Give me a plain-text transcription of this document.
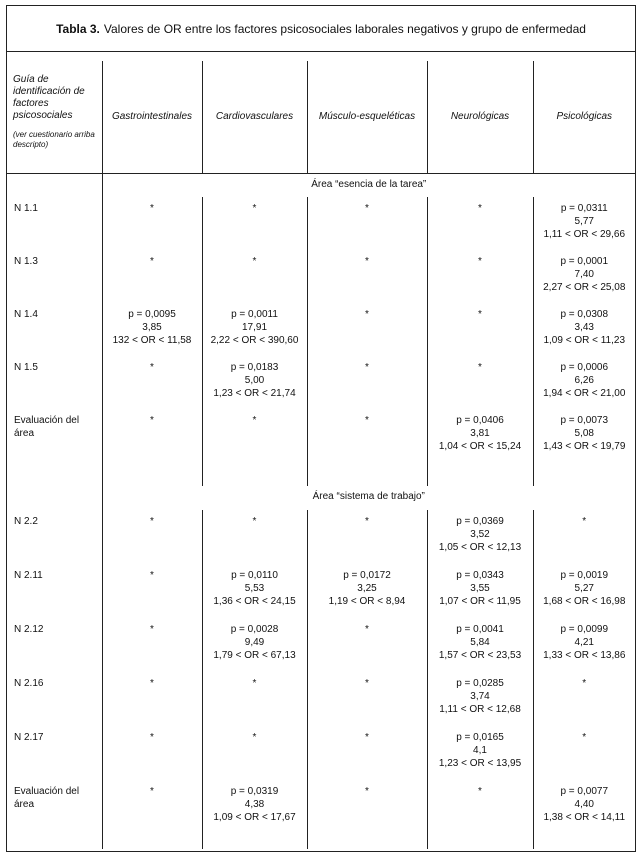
Tabla 3. Valores de OR entre los factores psicosociales laborales negativos y grupo de enfermedad
Guía de identificación de factores psicosociales
(ver cuestionario arriba descripto)	Gastrointestinales	Cardiovasculares	Músculo-esqueléticas	Neurológicas	Psicológicas
	Área “esencia de la tarea”				
N 1.1	*	*	*	*	p = 0,0311
5,77
1,11 < OR < 29,66

N 1.3	*	*	*	*	p = 0,0001
7,40
2,27 < OR < 25,08

N 1.4	p = 0,0095
3,85
132 < OR < 11,58	p = 0,0011
17,91
2,22 < OR < 390,60	*	*	p = 0,0308
3,43
1,09 < OR < 11,23

N 1.5	*	p = 0,0183
5,00
1,23 < OR < 21,74	*	*	p = 0,0006
6,26
1,94 < OR < 21,00

Evaluación del área	*	*	*	p = 0,0406
3,81
1,04 < OR < 15,24	p = 0,0073
5,08
1,43 < OR < 19,79

	Área “sistema de trabajo”				
N 2.2	*	*	*	p = 0,0369
3,52
1,05 < OR < 12,13	*

N 2.11	*	p = 0,0110
5,53
1,36 < OR < 24,15	p = 0,0172
3,25
1,19 < OR < 8,94	p = 0,0343
3,55
1,07 < OR < 11,95	p = 0,0019
5,27
1,68 < OR < 16,98

N 2.12	*	p = 0,0028
9,49
1,79 < OR < 67,13	*	p = 0,0041
5,84
1,57 < OR < 23,53	p = 0,0099
4,21
1,33 < OR < 13,86

N 2.16	*	*	*	p = 0,0285
3,74
1,11 < OR < 12,68	*

N 2.17	*	*	*	p = 0,0165
4,1
1,23 < OR < 13,95	*

Evaluación del área	*	p = 0,0319
4,38
1,09 < OR < 17,67	*	*	p = 0,0077
4,40
1,38 < OR < 14,11
